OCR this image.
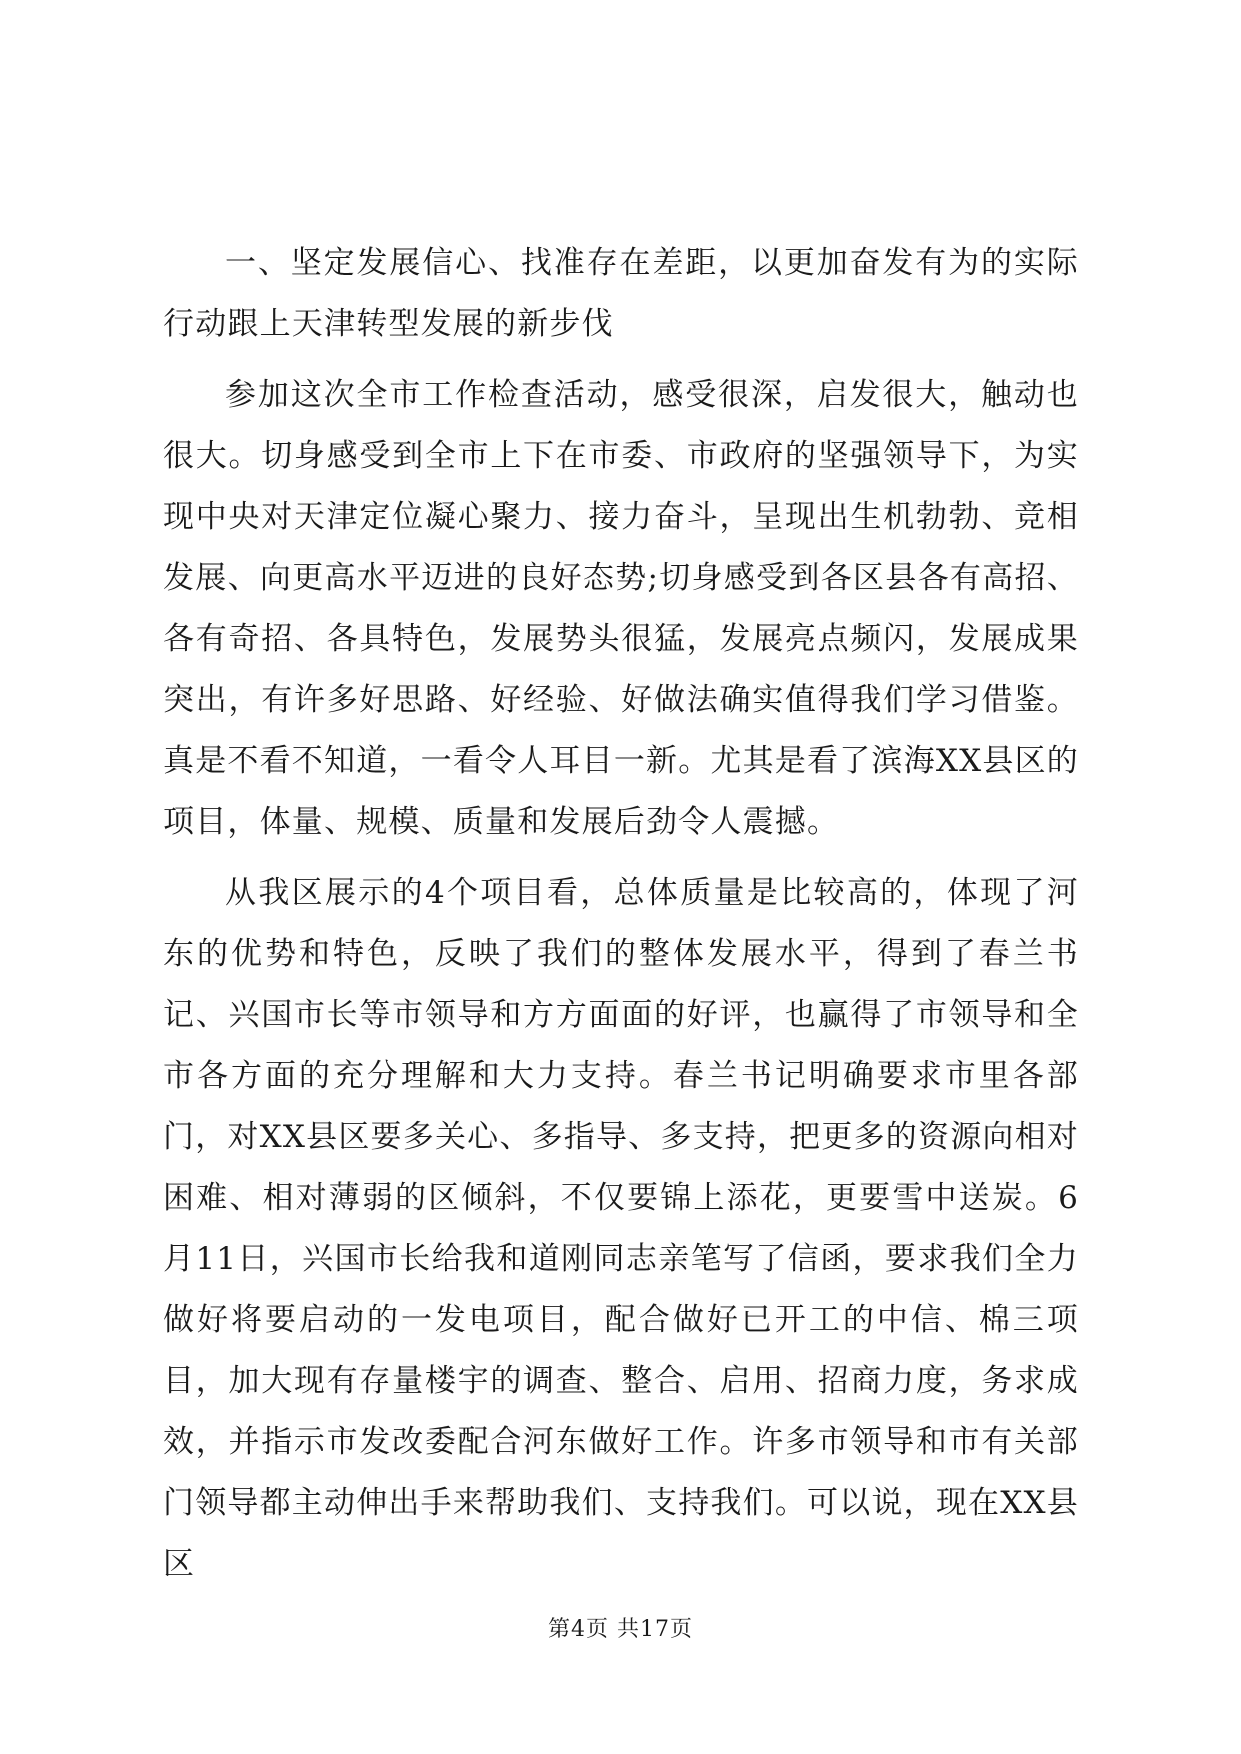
一、坚定发展信心、找准存在差距，以更加奋发有为的实际行动跟上天津转型发展的新步伐

参加这次全市工作检查活动，感受很深，启发很大，触动也很大。切身感受到全市上下在市委、市政府的坚强领导下，为实现中央对天津定位凝心聚力、接力奋斗，呈现出生机勃勃、竞相发展、向更高水平迈进的良好态势;切身感受到各区县各有高招、各有奇招、各具特色，发展势头很猛，发展亮点频闪，发展成果突出，有许多好思路、好经验、好做法确实值得我们学习借鉴。真是不看不知道，一看令人耳目一新。尤其是看了滨海XX县区的项目，体量、规模、质量和发展后劲令人震撼。

从我区展示的4个项目看，总体质量是比较高的，体现了河东的优势和特色，反映了我们的整体发展水平，得到了春兰书记、兴国市长等市领导和方方面面的好评，也赢得了市领导和全市各方面的充分理解和大力支持。春兰书记明确要求市里各部门，对XX县区要多关心、多指导、多支持，把更多的资源向相对困难、相对薄弱的区倾斜，不仅要锦上添花，更要雪中送炭。6月11日，兴国市长给我和道刚同志亲笔写了信函，要求我们全力做好将要启动的一发电项目，配合做好已开工的中信、棉三项目，加大现有存量楼宇的调查、整合、启用、招商力度，务求成效，并指示市发改委配合河东做好工作。许多市领导和市有关部门领导都主动伸出手来帮助我们、支持我们。可以说，现在XX县区

第4页 共17页
